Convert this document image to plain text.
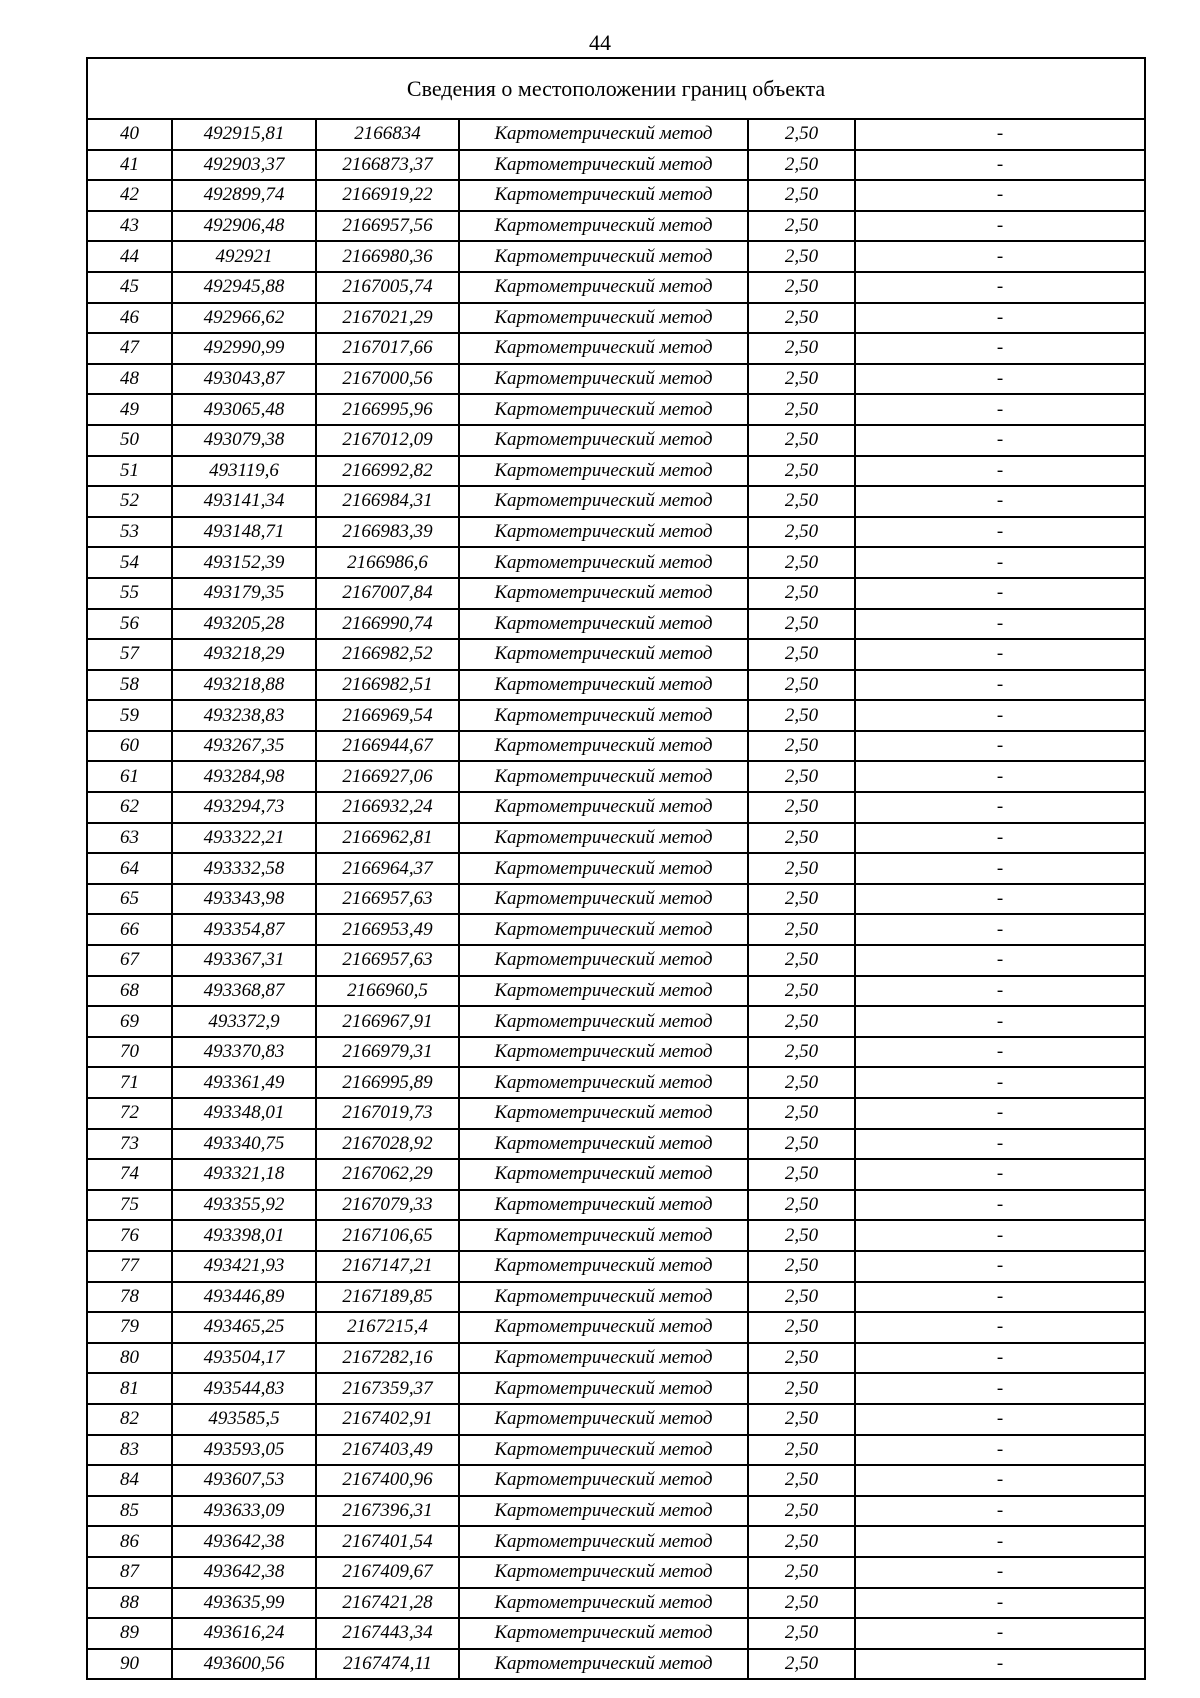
44
Сведения о местоположении границ объекта
40	492915,81	2166834	Картометрический метод	2,50	-
41	492903,37	2166873,37	Картометрический метод	2,50	-
42	492899,74	2166919,22	Картометрический метод	2,50	-
43	492906,48	2166957,56	Картометрический метод	2,50	-
44	492921	2166980,36	Картометрический метод	2,50	-
45	492945,88	2167005,74	Картометрический метод	2,50	-
46	492966,62	2167021,29	Картометрический метод	2,50	-
47	492990,99	2167017,66	Картометрический метод	2,50	-
48	493043,87	2167000,56	Картометрический метод	2,50	-
49	493065,48	2166995,96	Картометрический метод	2,50	-
50	493079,38	2167012,09	Картометрический метод	2,50	-
51	493119,6	2166992,82	Картометрический метод	2,50	-
52	493141,34	2166984,31	Картометрический метод	2,50	-
53	493148,71	2166983,39	Картометрический метод	2,50	-
54	493152,39	2166986,6	Картометрический метод	2,50	-
55	493179,35	2167007,84	Картометрический метод	2,50	-
56	493205,28	2166990,74	Картометрический метод	2,50	-
57	493218,29	2166982,52	Картометрический метод	2,50	-
58	493218,88	2166982,51	Картометрический метод	2,50	-
59	493238,83	2166969,54	Картометрический метод	2,50	-
60	493267,35	2166944,67	Картометрический метод	2,50	-
61	493284,98	2166927,06	Картометрический метод	2,50	-
62	493294,73	2166932,24	Картометрический метод	2,50	-
63	493322,21	2166962,81	Картометрический метод	2,50	-
64	493332,58	2166964,37	Картометрический метод	2,50	-
65	493343,98	2166957,63	Картометрический метод	2,50	-
66	493354,87	2166953,49	Картометрический метод	2,50	-
67	493367,31	2166957,63	Картометрический метод	2,50	-
68	493368,87	2166960,5	Картометрический метод	2,50	-
69	493372,9	2166967,91	Картометрический метод	2,50	-
70	493370,83	2166979,31	Картометрический метод	2,50	-
71	493361,49	2166995,89	Картометрический метод	2,50	-
72	493348,01	2167019,73	Картометрический метод	2,50	-
73	493340,75	2167028,92	Картометрический метод	2,50	-
74	493321,18	2167062,29	Картометрический метод	2,50	-
75	493355,92	2167079,33	Картометрический метод	2,50	-
76	493398,01	2167106,65	Картометрический метод	2,50	-
77	493421,93	2167147,21	Картометрический метод	2,50	-
78	493446,89	2167189,85	Картометрический метод	2,50	-
79	493465,25	2167215,4	Картометрический метод	2,50	-
80	493504,17	2167282,16	Картометрический метод	2,50	-
81	493544,83	2167359,37	Картометрический метод	2,50	-
82	493585,5	2167402,91	Картометрический метод	2,50	-
83	493593,05	2167403,49	Картометрический метод	2,50	-
84	493607,53	2167400,96	Картометрический метод	2,50	-
85	493633,09	2167396,31	Картометрический метод	2,50	-
86	493642,38	2167401,54	Картометрический метод	2,50	-
87	493642,38	2167409,67	Картометрический метод	2,50	-
88	493635,99	2167421,28	Картометрический метод	2,50	-
89	493616,24	2167443,34	Картометрический метод	2,50	-
90	493600,56	2167474,11	Картометрический метод	2,50	-
